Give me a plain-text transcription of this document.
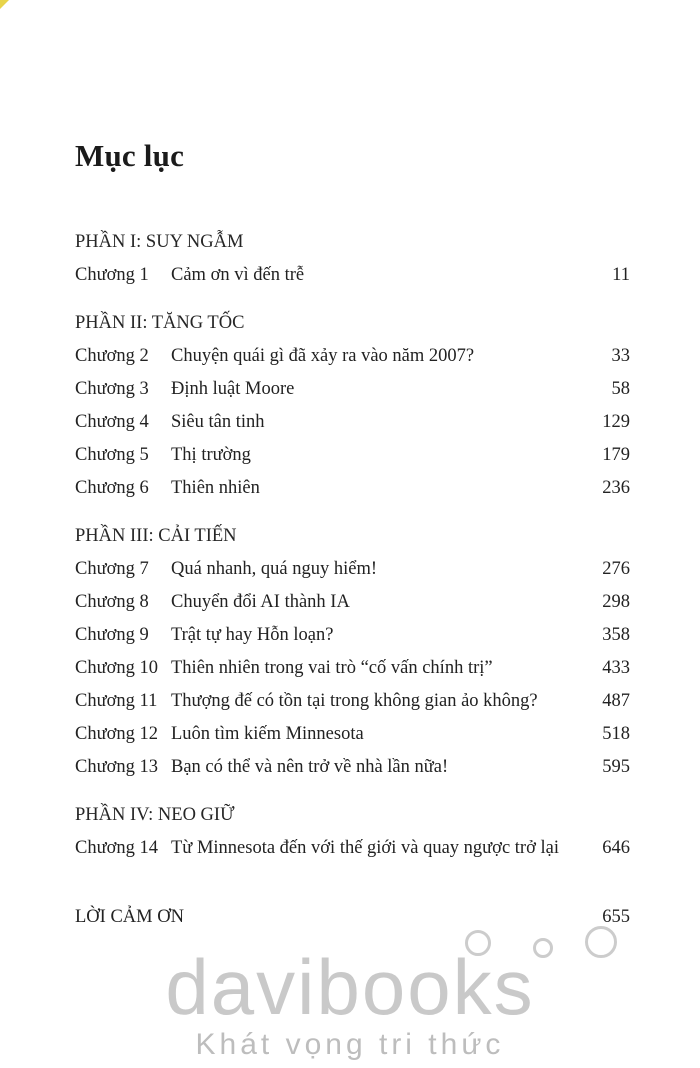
Mục lục
PHẦN I: SUY NGẪM
Chương 1	Cảm ơn vì đến trễ	11
PHẦN II: TĂNG TỐC
Chương 2	Chuyện quái gì đã xảy ra vào năm 2007?	33
Chương 3	Định luật Moore	58
Chương 4	Siêu tân tinh	129
Chương 5	Thị trường	179
Chương 6	Thiên nhiên	236
PHẦN III: CẢI TIẾN
Chương 7	Quá nhanh, quá nguy hiểm!	276
Chương 8	Chuyển đổi AI thành IA	298
Chương 9	Trật tự hay Hỗn loạn?	358
Chương 10 Thiên nhiên trong vai trò “cố vấn chính trị”	433
Chương 11 Thượng đế có tồn tại trong không gian ảo không?	487
Chương 12 Luôn tìm kiếm Minnesota	518
Chương 13 Bạn có thể và nên trở về nhà lần nữa!	595
PHẦN IV: NEO GIỮ
Chương 14 Từ Minnesota đến với thế giới và quay ngược trở lại	646
LỜI CẢM ƠN	655
davibooks
Khát vọng tri thức
